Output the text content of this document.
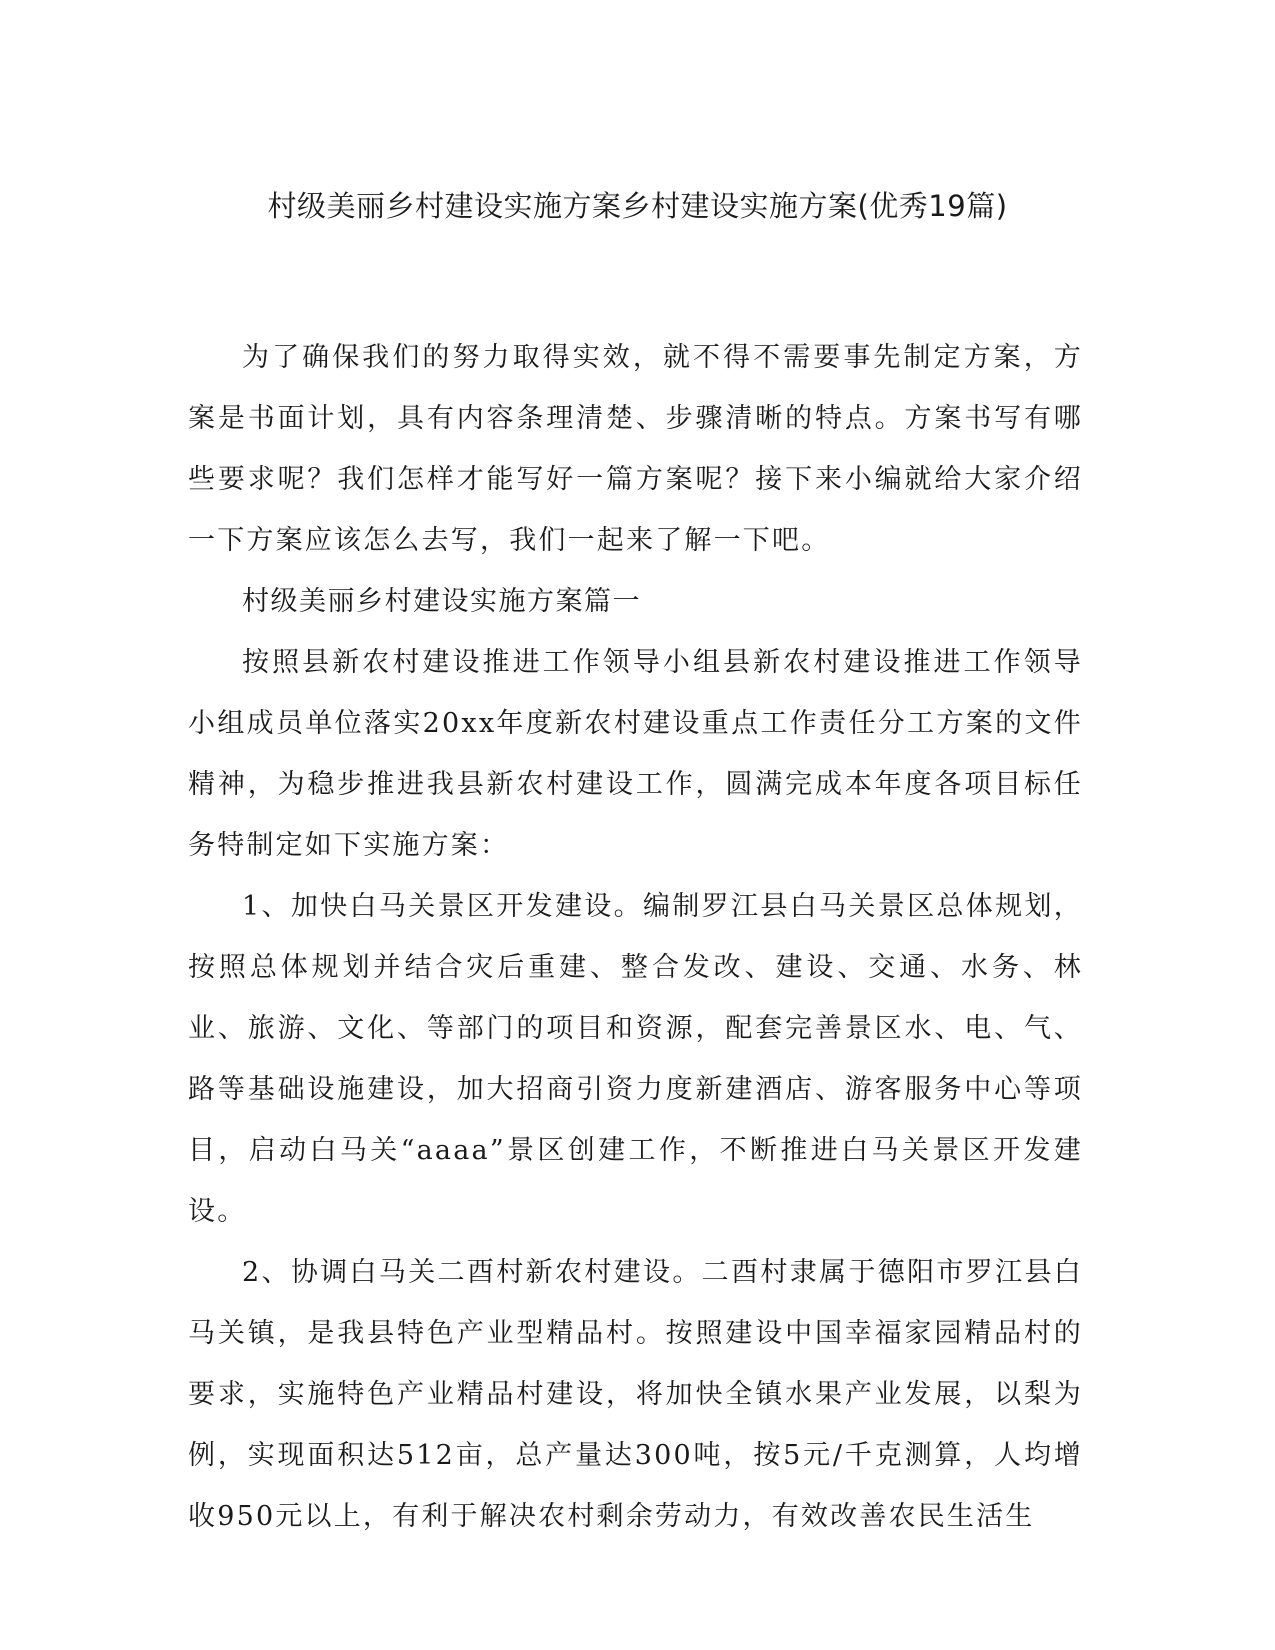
村级美丽乡村建设实施方案乡村建设实施方案(优秀19篇)

为了确保我们的努力取得实效，就不得不需要事先制定方案，方案是书面计划，具有内容条理清楚、步骤清晰的特点。方案书写有哪些要求呢？我们怎样才能写好一篇方案呢？接下来小编就给大家介绍一下方案应该怎么去写，我们一起来了解一下吧。

村级美丽乡村建设实施方案篇一

按照县新农村建设推进工作领导小组县新农村建设推进工作领导小组成员单位落实20xx年度新农村建设重点工作责任分工方案的文件精神，为稳步推进我县新农村建设工作，圆满完成本年度各项目标任务特制定如下实施方案：

1、加快白马关景区开发建设。编制罗江县白马关景区总体规划，按照总体规划并结合灾后重建、整合发改、建设、交通、水务、林业、旅游、文化、等部门的项目和资源，配套完善景区水、电、气、路等基础设施建设，加大招商引资力度新建酒店、游客服务中心等项目，启动白马关“aaaa”景区创建工作，不断推进白马关景区开发建设。

2、协调白马关二酉村新农村建设。二酉村隶属于德阳市罗江县白马关镇，是我县特色产业型精品村。按照建设中国幸福家园精品村的要求，实施特色产业精品村建设，将加快全镇水果产业发展，以梨为例，实现面积达512亩，总产量达300吨，按5元/千克测算，人均增收950元以上，有利于解决农村剩余劳动力，有效改善农民生活生
